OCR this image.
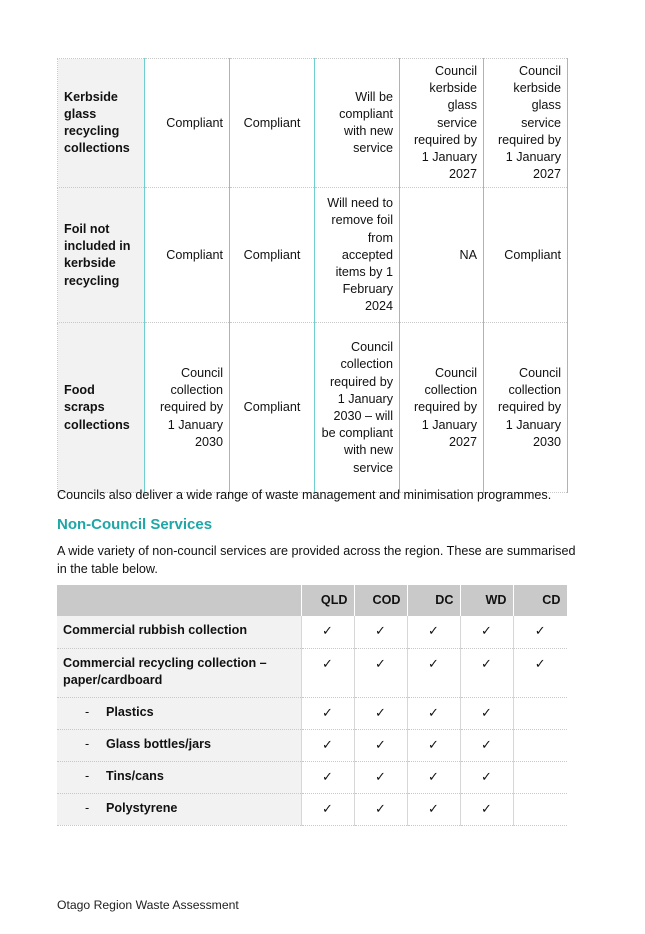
Kerbside glass recycling collections	Compliant	Compliant	Will be compliant with new service	Council kerbside glass service required by 1 January 2027	Council kerbside glass service required by 1 January 2027
Foil not included in kerbside recycling	Compliant	Compliant	Will need to remove foil from accepted items by 1 February 2024	NA	Compliant
Food scraps collections	Council collection required by 1 January 2030	Compliant	Council collection required by 1 January 2030 – will be compliant with new service	Council collection required by 1 January 2027	Council collection required by 1 January 2030
Councils also deliver a wide range of waste management and minimisation programmes.
Non-Council Services
A wide variety of non-council services are provided across the region. These are summarised in the table below.
	QLD	COD	DC	WD	CD
Commercial rubbish collection	✓	✓	✓	✓	✓
Commercial recycling collection – paper/cardboard	✓	✓	✓	✓	✓
- Plastics	✓	✓	✓	✓	
- Glass bottles/jars	✓	✓	✓	✓	
- Tins/cans	✓	✓	✓	✓	
- Polystyrene	✓	✓	✓	✓	
Otago Region Waste Assessment
